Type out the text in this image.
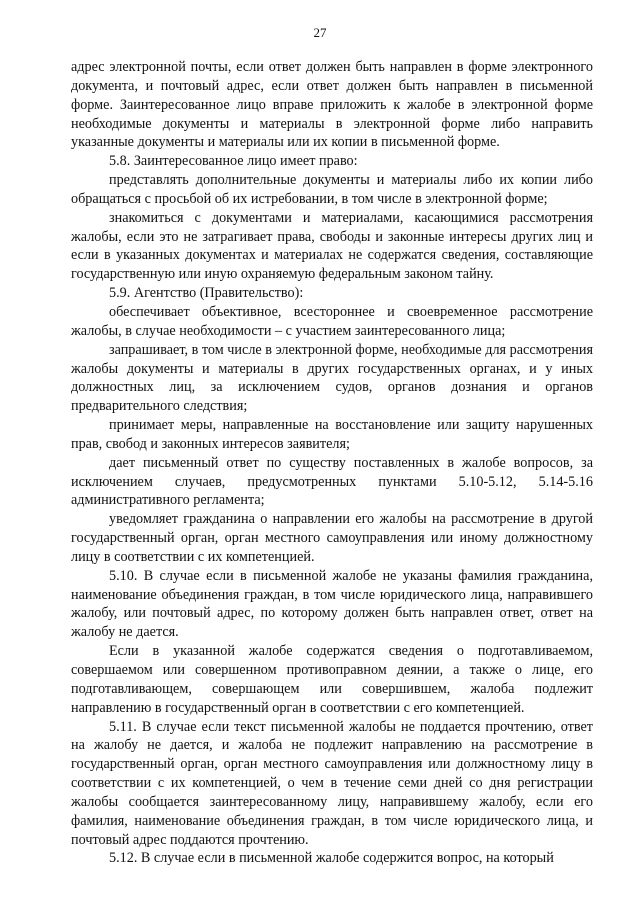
27

адрес электронной почты, если ответ должен быть направлен в форме электронного документа, и почтовый адрес, если ответ должен быть направлен в письменной форме. Заинтересованное лицо вправе приложить к жалобе в электронной форме необходимые документы и материалы в электронной форме либо направить указанные документы и материалы или их копии в письменной форме.

5.8. Заинтересованное лицо имеет право:

представлять дополнительные документы и материалы либо их копии либо обращаться с просьбой об их истребовании, в том числе в электронной форме;

знакомиться с документами и материалами, касающимися рассмотрения жалобы, если это не затрагивает права, свободы и законные интересы других лиц и если в указанных документах и материалах не содержатся сведения, составляющие государственную или иную охраняемую федеральным законом тайну.

5.9. Агентство (Правительство):

обеспечивает объективное, всестороннее и своевременное рассмотрение жалобы, в случае необходимости – с участием заинтересованного лица;

запрашивает, в том числе в электронной форме, необходимые для рассмотрения жалобы документы и материалы в других государственных органах, и у иных должностных лиц, за исключением судов, органов дознания и органов предварительного следствия;

принимает меры, направленные на восстановление или защиту нарушенных прав, свобод и законных интересов заявителя;

дает письменный ответ по существу поставленных в жалобе вопросов, за исключением случаев, предусмотренных пунктами 5.10-5.12, 5.14-5.16 административного регламента;

уведомляет гражданина о направлении его жалобы на рассмотрение в другой государственный орган, орган местного самоуправления или иному должностному лицу в соответствии с их компетенцией.

5.10. В случае если в письменной жалобе не указаны фамилия гражданина, наименование объединения граждан, в том числе юридического лица, направившего жалобу, или почтовый адрес, по которому должен быть направлен ответ, ответ на жалобу не дается.

Если в указанной жалобе содержатся сведения о подготавливаемом, совершаемом или совершенном противоправном деянии, а также о лице, его подготавливающем, совершающем или совершившем, жалоба подлежит направлению в государственный орган в соответствии с его компетенцией.

5.11. В случае если текст письменной жалобы не поддается прочтению, ответ на жалобу не дается, и жалоба не подлежит направлению на рассмотрение в государственный орган, орган местного самоуправления или должностному лицу в соответствии с их компетенцией, о чем в течение семи дней со дня регистрации жалобы сообщается заинтересованному лицу, направившему жалобу, если его фамилия, наименование объединения граждан, в том числе юридического лица, и почтовый адрес поддаются прочтению.

5.12. В случае если в письменной жалобе содержится вопрос, на который
